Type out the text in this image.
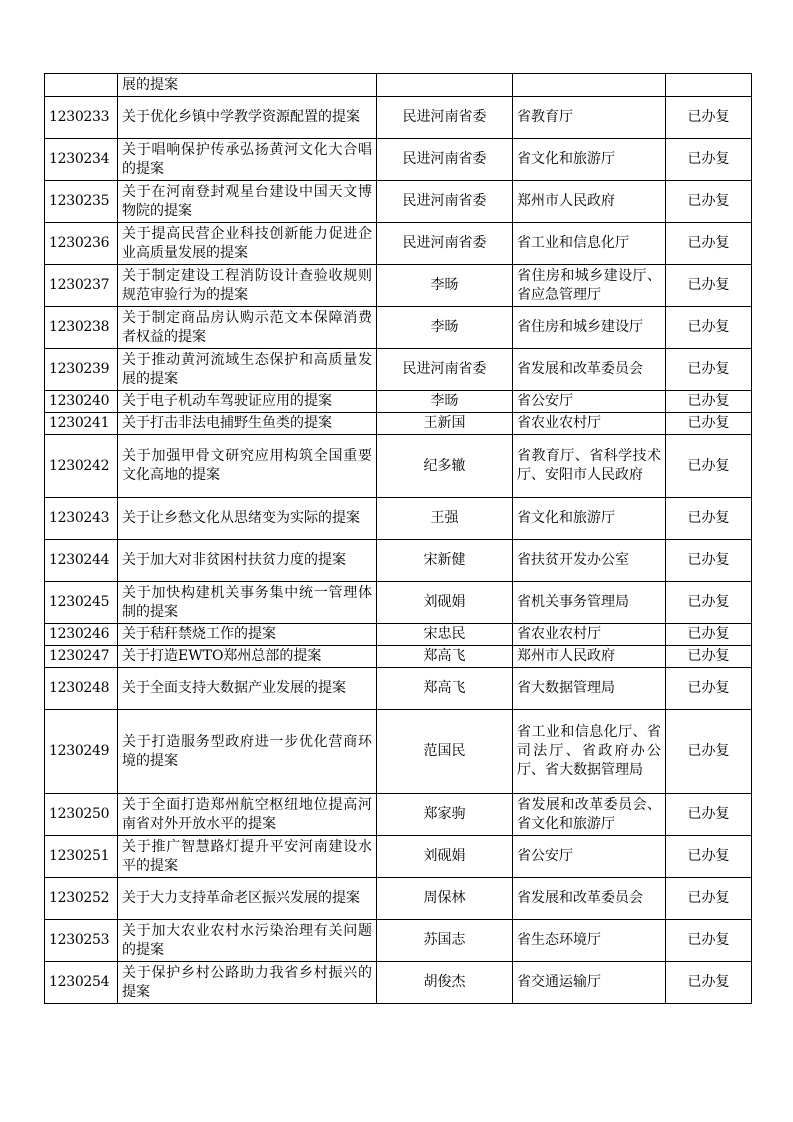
	展的提案			
1230233	关于优化乡镇中学教学资源配置的提案	民进河南省委	省教育厅	已办复
1230234	关于唱响保护传承弘扬黄河文化大合唱的提案	民进河南省委	省文化和旅游厅	已办复
1230235	关于在河南登封观星台建设中国天文博物院的提案	民进河南省委	郑州市人民政府	已办复
1230236	关于提高民营企业科技创新能力促进企业高质量发展的提案	民进河南省委	省工业和信息化厅	已办复
1230237	关于制定建设工程消防设计查验收规则规范审验行为的提案	李旸	省住房和城乡建设厅、省应急管理厅	已办复
1230238	关于制定商品房认购示范文本保障消费者权益的提案	李旸	省住房和城乡建设厅	已办复
1230239	关于推动黄河流域生态保护和高质量发展的提案	民进河南省委	省发展和改革委员会	已办复
1230240	关于电子机动车驾驶证应用的提案	李旸	省公安厅	已办复
1230241	关于打击非法电捕野生鱼类的提案	王新国	省农业农村厅	已办复
1230242	关于加强甲骨文研究应用构筑全国重要文化高地的提案	纪多辙	省教育厅、省科学技术厅、安阳市人民政府	已办复
1230243	关于让乡愁文化从思绪变为实际的提案	王强	省文化和旅游厅	已办复
1230244	关于加大对非贫困村扶贫力度的提案	宋新健	省扶贫开发办公室	已办复
1230245	关于加快构建机关事务集中统一管理体制的提案	刘砚娟	省机关事务管理局	已办复
1230246	关于秸秆禁烧工作的提案	宋忠民	省农业农村厅	已办复
1230247	关于打造EWTO郑州总部的提案	郑高飞	郑州市人民政府	已办复
1230248	关于全面支持大数据产业发展的提案	郑高飞	省大数据管理局	已办复
1230249	关于打造服务型政府进一步优化营商环境的提案	范国民	省工业和信息化厅、省司法厅、省政府办公厅、省大数据管理局	已办复
1230250	关于全面打造郑州航空枢纽地位提高河南省对外开放水平的提案	郑家驹	省发展和改革委员会、省文化和旅游厅	已办复
1230251	关于推广智慧路灯提升平安河南建设水平的提案	刘砚娟	省公安厅	已办复
1230252	关于大力支持革命老区振兴发展的提案	周保林	省发展和改革委员会	已办复
1230253	关于加大农业农村水污染治理有关问题的提案	苏国志	省生态环境厅	已办复
1230254	关于保护乡村公路助力我省乡村振兴的提案	胡俊杰	省交通运输厅	已办复
